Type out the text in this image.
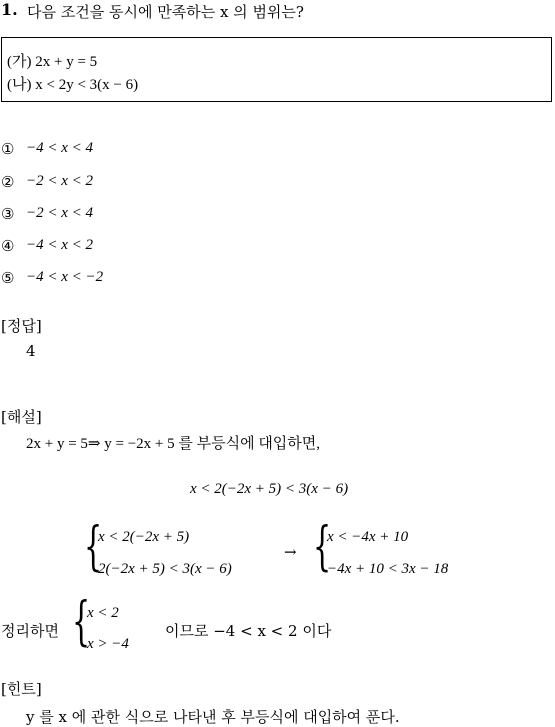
1. 다음 조건을 동시에 만족하는 x 의 범위는?
(가) 2x + y = 5
(나) x < 2y < 3(x − 6)
① −4 < x < 4
② −2 < x < 2
③ −2 < x < 4
④ −4 < x < 2
⑤ −4 < x < −2
[정답]
4
[해설]
2x + y = 5⇒ y = −2x + 5 를 부등식에 대입하면,
x < 2(−2x + 5) < 3(x − 6)
{
x < 2(−2x + 5)
2(−2x + 5) < 3(x − 6)
→ {
x < −4x + 10
−4x + 10 < 3x − 18
정리하면 {
x < 2
x > −4
이므로 −4 < x < 2 이다
[힌트]
y 를 x 에 관한 식으로 나타낸 후 부등식에 대입하여 푼다.
